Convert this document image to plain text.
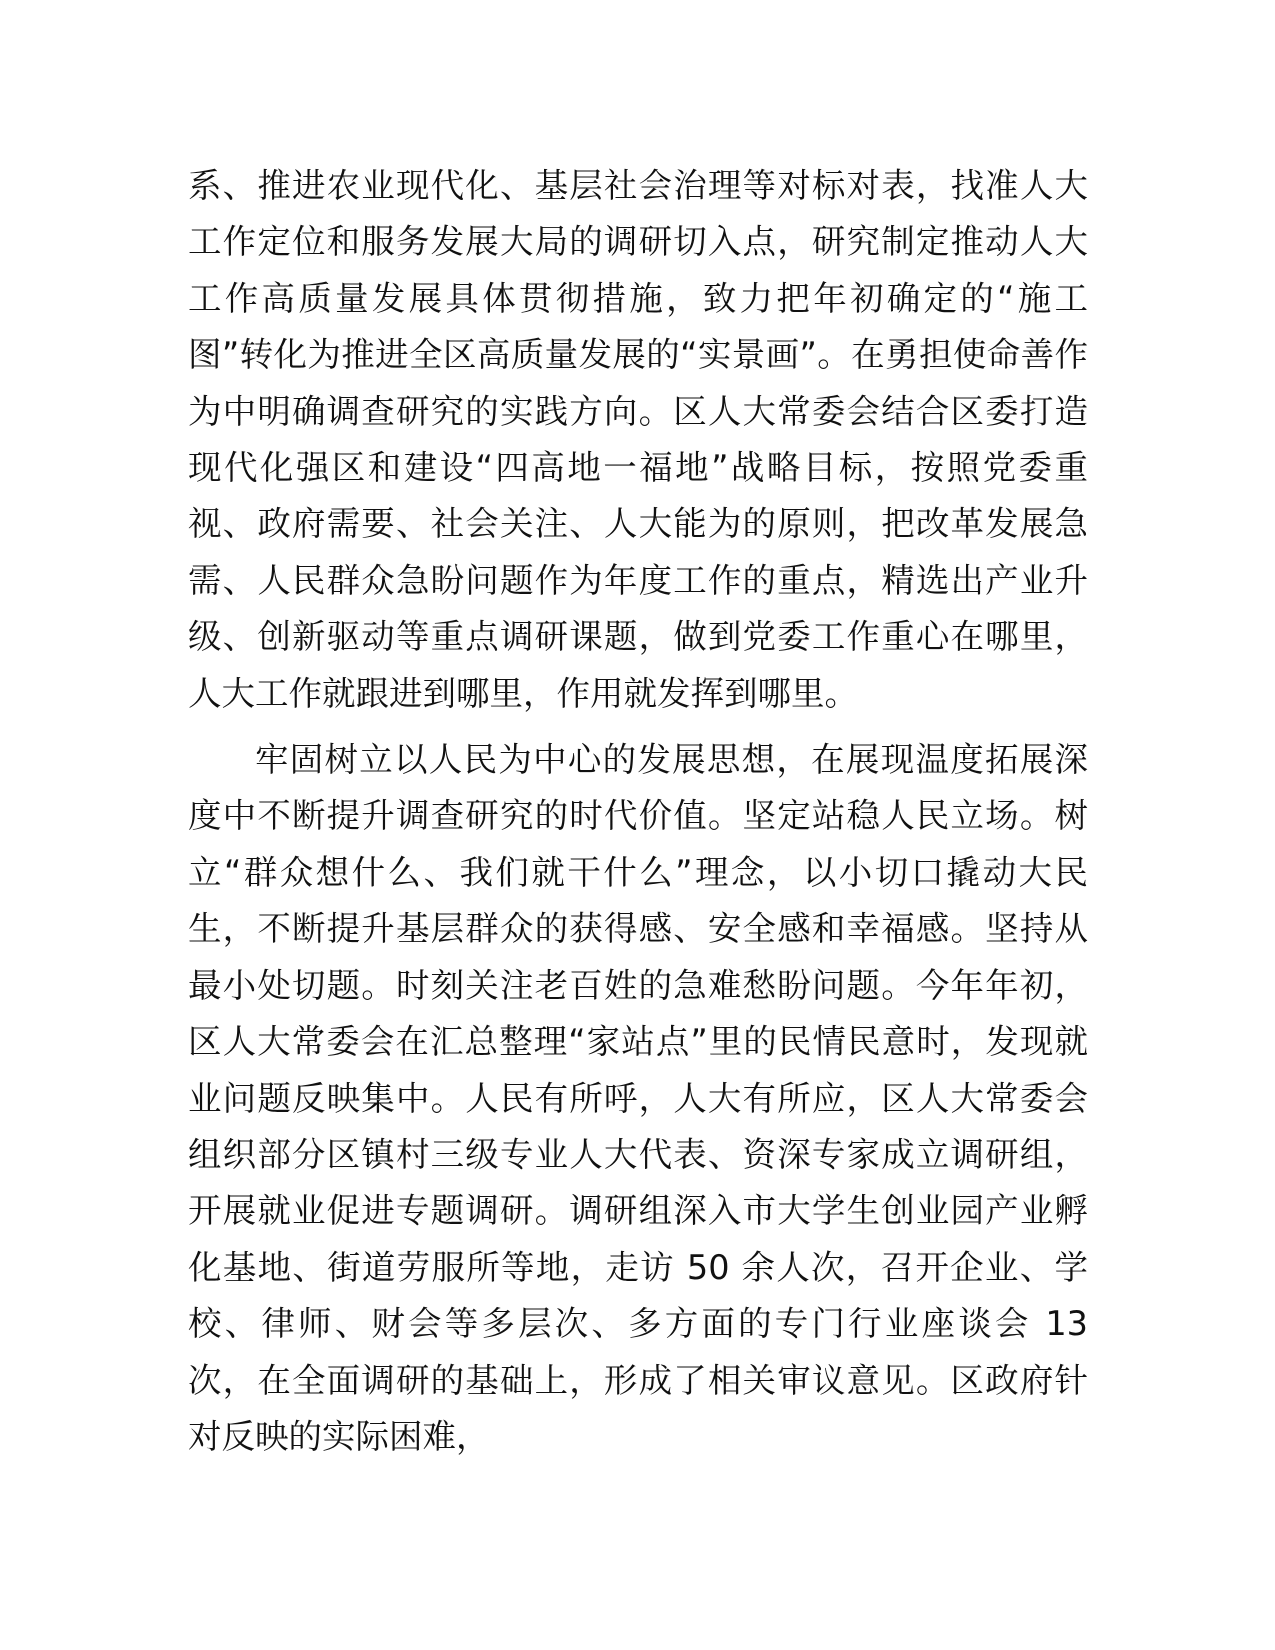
系、推进农业现代化、基层社会治理等对标对表，找准人大工作定位和服务发展大局的调研切入点，研究制定推动人大工作高质量发展具体贯彻措施，致力把年初确定的“施工图”转化为推进全区高质量发展的“实景画”。在勇担使命善作为中明确调查研究的实践方向。区人大常委会结合区委打造现代化强区和建设“四高地一福地”战略目标，按照党委重视、政府需要、社会关注、人大能为的原则，把改革发展急需、人民群众急盼问题作为年度工作的重点，精选出产业升级、创新驱动等重点调研课题，做到党委工作重心在哪里，人大工作就跟进到哪里，作用就发挥到哪里。

牢固树立以人民为中心的发展思想，在展现温度拓展深度中不断提升调查研究的时代价值。坚定站稳人民立场。树立“群众想什么、我们就干什么”理念，以小切口撬动大民生，不断提升基层群众的获得感、安全感和幸福感。坚持从最小处切题。时刻关注老百姓的急难愁盼问题。今年年初，区人大常委会在汇总整理“家站点”里的民情民意时，发现就业问题反映集中。人民有所呼，人大有所应，区人大常委会组织部分区镇村三级专业人大代表、资深专家成立调研组，开展就业促进专题调研。调研组深入市大学生创业园产业孵化基地、街道劳服所等地，走访 50 余人次，召开企业、学校、律师、财会等多层次、多方面的专门行业座谈会 13 次，在全面调研的基础上，形成了相关审议意见。区政府针对反映的实际困难，
